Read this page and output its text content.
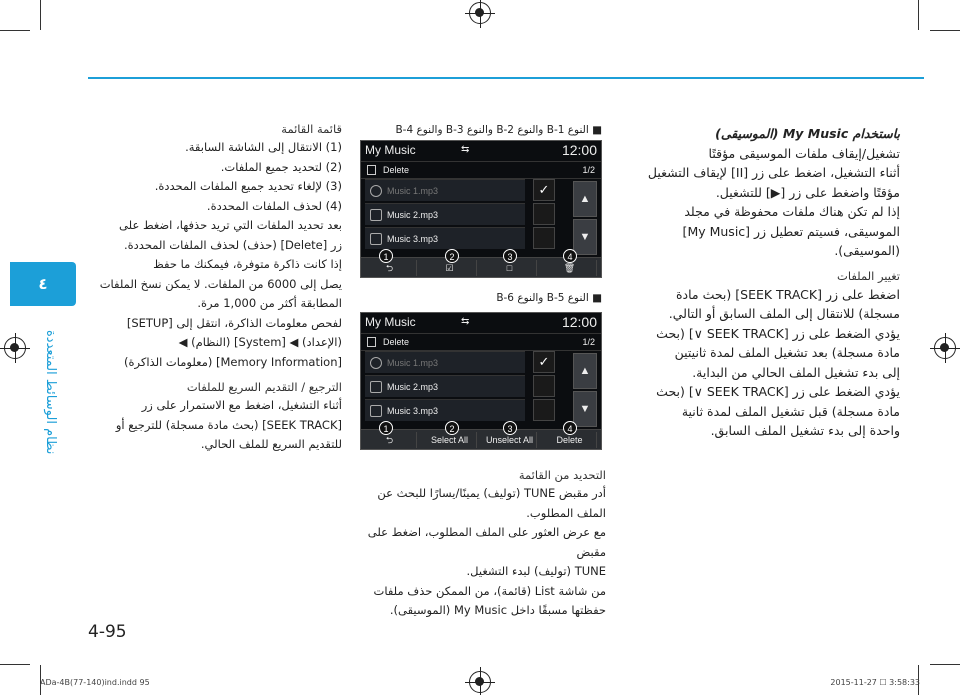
٤
نظام الوسائط المتعددة

باستخدام My Music (الموسيقى)

تشغيل/إيقاف ملفات الموسيقى مؤقتًا

أثناء التشغيل، اضغط على زر [II] لإيقاف التشغيل

مؤقتًا واضغط على زر [▶] للتشغيل.

إذا لم تكن هناك ملفات محفوظة في مجلد

الموسيقى، فسيتم تعطيل زر [My Music]

(الموسيقى).

تغيير الملفات

اضغط على زر [SEEK TRACK] (بحث مادة

مسجلة) للانتقال إلى الملف السابق أو التالي.

يؤدي الضغط على زر [SEEK TRACK ∨] (بحث

مادة مسجلة) بعد تشغيل الملف لمدة ثانيتين

إلى بدء تشغيل الملف الحالي من البداية.

يؤدي الضغط على زر [SEEK TRACK ∨] (بحث

مادة مسجلة) قبل تشغيل الملف لمدة ثانية

واحدة إلى بدء تشغيل الملف السابق.

■ النوع B-1 والنوع B-2 والنوع B-3 والنوع B-4
■ النوع B-5 والنوع B-6
My Music	⇆	12:00
Delete	1/2
Music 1.mp3
Music 2.mp3
Music 3.mp3
✓
▲
▼
⮌	☑	□	🗑
1	2	3	4
My Music	⇆	12:00
Delete	1/2
Music 1.mp3
Music 2.mp3
Music 3.mp3
✓
▲
▼
⮌	Select All	Unselect All	Delete
1	2	3	4

التحديد من القائمة

أدر مقبض TUNE (توليف) يمينًا/يسارًا للبحث عن

الملف المطلوب.

مع عرض العثور على الملف المطلوب، اضغط على مقبض

TUNE (توليف) لبدء التشغيل.

من شاشة List (قائمة)، من الممكن حذف ملفات

حفظتها مسبقًا داخل My Music (الموسيقى).

قائمة القائمة

(1) الانتقال إلى الشاشة السابقة.

(2) لتحديد جميع الملفات.

(3) لإلغاء تحديد جميع الملفات المحددة.

(4) لحذف الملفات المحددة.

بعد تحديد الملفات التي تريد حذفها، اضغط على

زر [Delete] (حذف) لحذف الملفات المحددة.

إذا كانت ذاكرة متوفرة، فيمكنك ما حفظ

يصل إلى 6000 من الملفات. لا يمكن نسخ الملفات

المطابقة أكثر من 1,000 مرة.

لفحص معلومات الذاكرة، انتقل إلى [SETUP]

(الإعداد) ◀ [System] (النظام) ◀

[Memory Information] (معلومات الذاكرة)

الترجيع / التقديم السريع للملفات

أثناء التشغيل، اضغط مع الاستمرار على زر

[SEEK TRACK] (بحث مادة مسجلة) للترجيع أو

للتقديم السريع للملف الحالي.

4-95
ADa-4B(77-140)ind.indd 95	2015-11-27 ☐ 3:58:33
